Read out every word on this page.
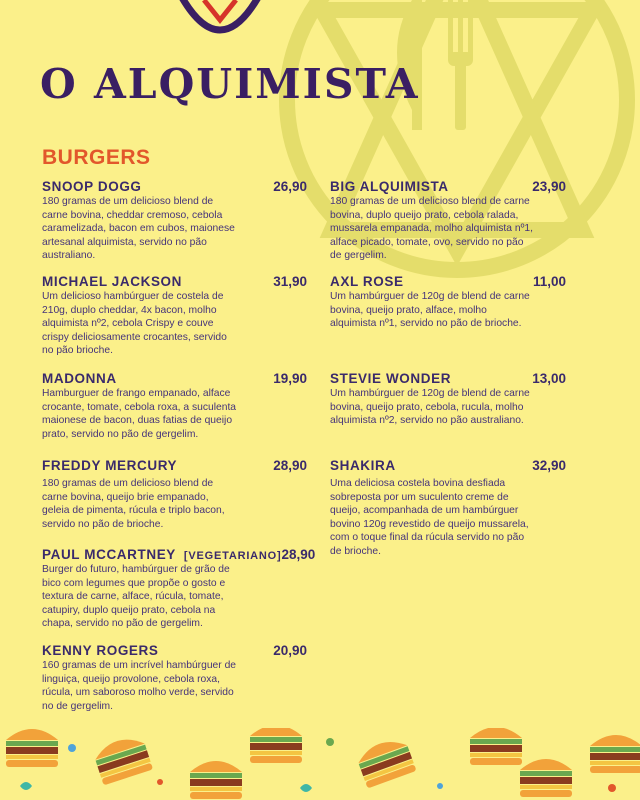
O ALQUIMISTA
BURGERS
SNOOP DOGG	26,90

180 gramas de um delicioso blend de carne bovina, cheddar cremoso, cebola caramelizada, bacon em cubos, maionese artesanal alquimista, servido no pão australiano.

MICHAEL JACKSON	31,90

Um delicioso hambúrguer de costela de 210g, duplo cheddar, 4x bacon, molho alquimista nº2, cebola Crispy e couve crispy deliciosamente crocantes, servido no pão brioche.

MADONNA	19,90

Hamburguer de frango empanado, alface crocante, tomate, cebola roxa, a suculenta maionese de bacon, duas fatias de queijo prato, servido no pão de gergelim.

FREDDY MERCURY	28,90

180 gramas de um delicioso blend de carne bovina, queijo brie empanado, geleia de pimenta, rúcula e triplo bacon, servido no pão de brioche.

PAUL MCCARTNEY [VEGETARIANO] 28,90

Burger do futuro, hambúrguer de grão de bico com legumes que propõe o gosto e textura de carne, alface, rúcula, tomate, catupiry, duplo queijo prato, cebola na chapa, servido no pão de gergelim.

KENNY ROGERS	20,90

160 gramas de um incrível hambúrguer de linguiça, queijo provolone, cebola roxa, rúcula, um saboroso molho verde, servido no de gergelim.

BIG ALQUIMISTA	23,90

180 gramas de um delicioso blend de carne bovina, duplo queijo prato, cebola ralada, mussarela empanada, molho alquimista nº1, alface picado, tomate, ovo, servido no pão de gergelim.

AXL ROSE	11,00

Um hambúrguer de 120g de blend de carne bovina, queijo prato, alface, molho alquimista nº1, servido no pão de brioche.

STEVIE WONDER	13,00

Um hambúrguer de 120g de blend de carne bovina, queijo prato, cebola, rucula, molho alquimista nº2, servido no pão australiano.

SHAKIRA	32,90

Uma deliciosa costela bovina desfiada sobreposta por um suculento creme de queijo, acompanhada de um hambúrguer bovino 120g revestido de queijo mussarela, com o toque final da rúcula servido no pão de brioche.
